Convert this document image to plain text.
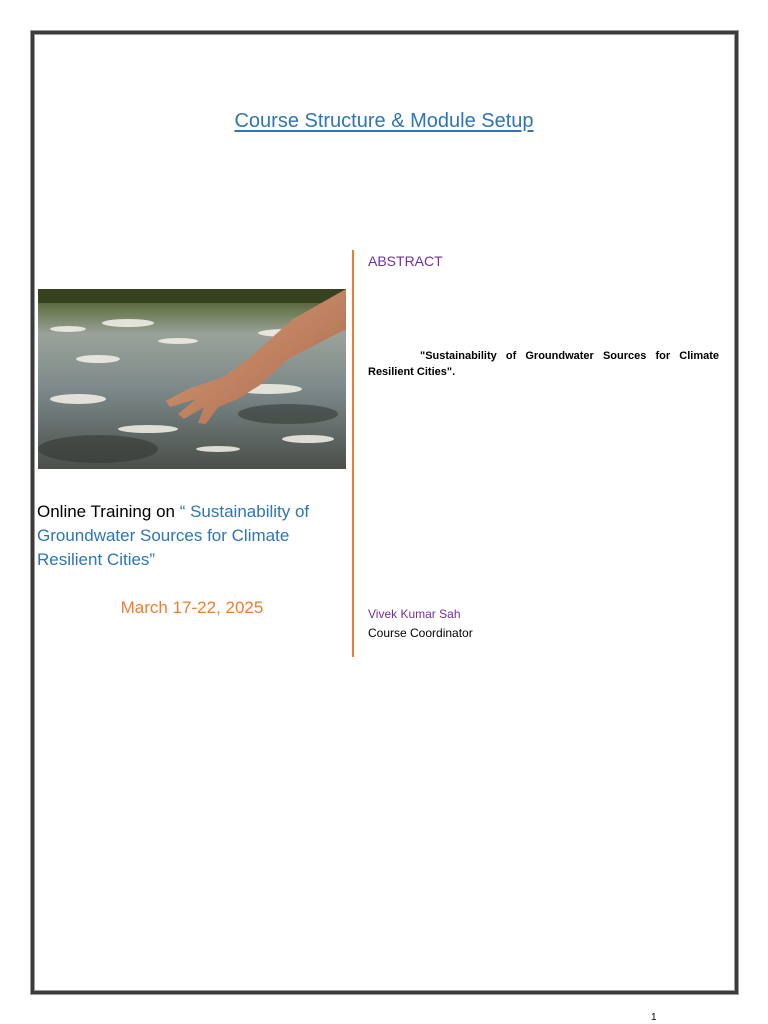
Course Structure & Module Setup
Online Training on “ Sustainability of Groundwater Sources for Climate Resilient Cities”
March 17-22, 2025
ABSTRACT
"Sustainability of Groundwater Sources for Climate Resilient Cities".
Vivek Kumar Sah
Course Coordinator
1
